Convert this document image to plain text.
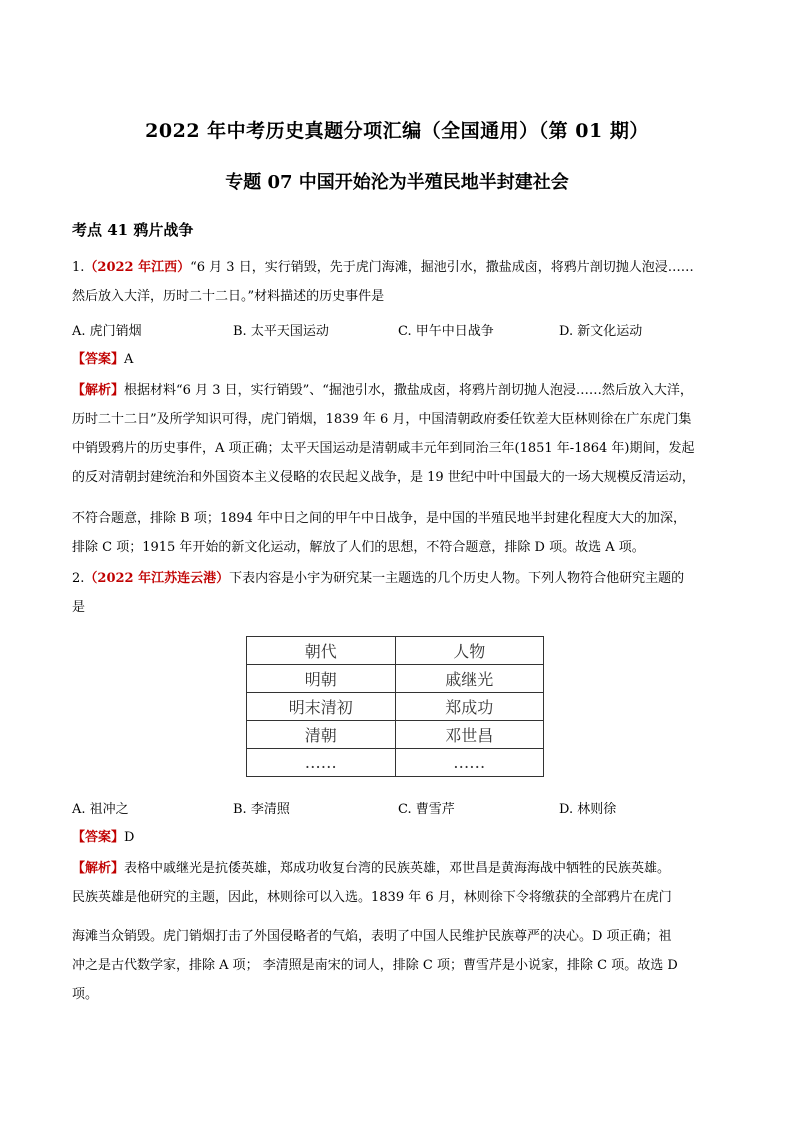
2022 年中考历史真题分项汇编（全国通用）（第 01 期）
专题 07 中国开始沦为半殖民地半封建社会
考点 41 鸦片战争
1.（2022 年江西）“6 月 3 日，实行销毁，先于虎门海滩，掘池引水，撒盐成卤，将鸦片剖切抛人泡浸……
然后放入大洋，历时二十二日。”材料描述的历史事件是
A. 虎门销烟	B. 太平天国运动	C. 甲午中日战争	D. 新文化运动
【答案】A
【解析】根据材料“6 月 3 日，实行销毁”、“掘池引水，撒盐成卤，将鸦片剖切抛人泡浸……然后放入大洋，
历时二十二日”及所学知识可得，虎门销烟，1839 年 6 月，中国清朝政府委任钦差大臣林则徐在广东虎门集
中销毁鸦片的历史事件，A 项正确；太平天国运动是清朝咸丰元年到同治三年(1851 年-1864 年)期间，发起
的反对清朝封建统治和外国资本主义侵略的农民起义战争，是 19 世纪中叶中国最大的一场大规模反清运动，
不符合题意，排除 B 项；1894 年中日之间的甲午中日战争，是中国的半殖民地半封建化程度大大的加深，
排除 C 项；1915 年开始的新文化运动，解放了人们的思想，不符合题意，排除 D 项。故选 A 项。
2.（2022 年江苏连云港）下表内容是小宇为研究某一主题选的几个历史人物。下列人物符合他研究主题的
是
朝代	人物
明朝	戚继光
明末清初	郑成功
清朝	邓世昌
……	……
A. 祖冲之	B. 李清照	C. 曹雪芹	D. 林则徐
【答案】D
【解析】表格中戚继光是抗倭英雄，郑成功收复台湾的民族英雄，邓世昌是黄海海战中牺牲的民族英雄。
民族英雄是他研究的主题，因此，林则徐可以入选。1839 年 6 月，林则徐下令将缴获的全部鸦片在虎门
海滩当众销毁。虎门销烟打击了外国侵略者的气焰，表明了中国人民维护民族尊严的决心。D 项正确；祖
冲之是古代数学家，排除 A 项； 李清照是南宋的词人，排除 C 项；曹雪芹是小说家，排除 C 项。故选 D
项。
